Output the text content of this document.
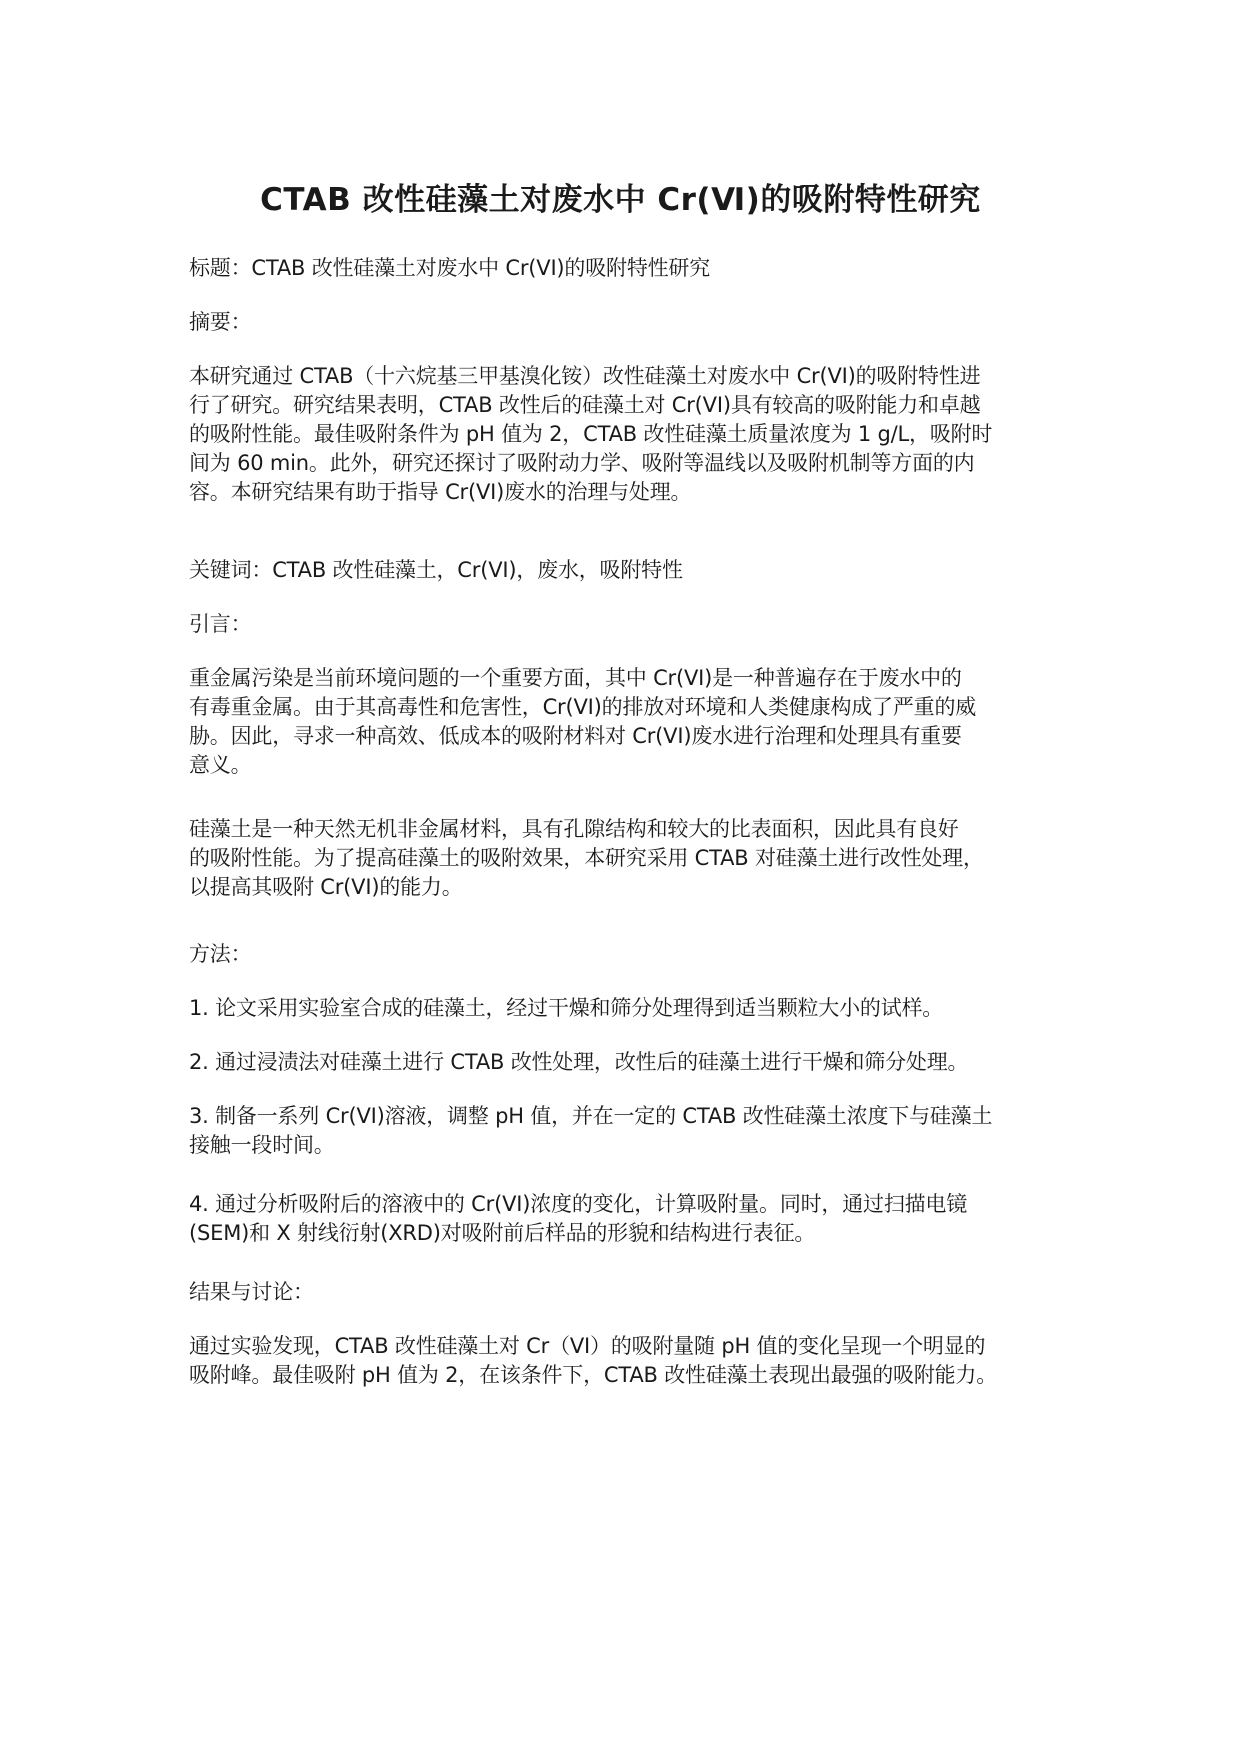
CTAB 改性硅藻土对废水中 Cr(Ⅵ)的吸附特性研究
标题：CTAB 改性硅藻土对废水中 Cr(VI)的吸附特性研究
摘要：
本研究通过 CTAB（十六烷基三甲基溴化铵）改性硅藻土对废水中 Cr(VI)的吸附特性进
行了研究。研究结果表明，CTAB 改性后的硅藻土对 Cr(VI)具有较高的吸附能力和卓越
的吸附性能。最佳吸附条件为 pH 值为 2，CTAB 改性硅藻土质量浓度为 1 g/L，吸附时
间为 60 min。此外，研究还探讨了吸附动力学、吸附等温线以及吸附机制等方面的内
容。本研究结果有助于指导 Cr(VI)废水的治理与处理。
关键词：CTAB 改性硅藻土，Cr(VI)，废水，吸附特性
引言：
重金属污染是当前环境问题的一个重要方面，其中 Cr(VI)是一种普遍存在于废水中的
有毒重金属。由于其高毒性和危害性，Cr(VI)的排放对环境和人类健康构成了严重的威
胁。因此，寻求一种高效、低成本的吸附材料对 Cr(VI)废水进行治理和处理具有重要
意义。
硅藻土是一种天然无机非金属材料，具有孔隙结构和较大的比表面积，因此具有良好
的吸附性能。为了提高硅藻土的吸附效果，本研究采用 CTAB 对硅藻土进行改性处理，
以提高其吸附 Cr(VI)的能力。
方法：
1. 论文采用实验室合成的硅藻土，经过干燥和筛分处理得到适当颗粒大小的试样。
2. 通过浸渍法对硅藻土进行 CTAB 改性处理，改性后的硅藻土进行干燥和筛分处理。
3. 制备一系列 Cr(VI)溶液，调整 pH 值，并在一定的 CTAB 改性硅藻土浓度下与硅藻土
接触一段时间。
4. 通过分析吸附后的溶液中的 Cr(VI)浓度的变化，计算吸附量。同时，通过扫描电镜
(SEM)和 X 射线衍射(XRD)对吸附前后样品的形貌和结构进行表征。
结果与讨论：
通过实验发现，CTAB 改性硅藻土对 Cr（VI）的吸附量随 pH 值的变化呈现一个明显的
吸附峰。最佳吸附 pH 值为 2，在该条件下，CTAB 改性硅藻土表现出最强的吸附能力。
